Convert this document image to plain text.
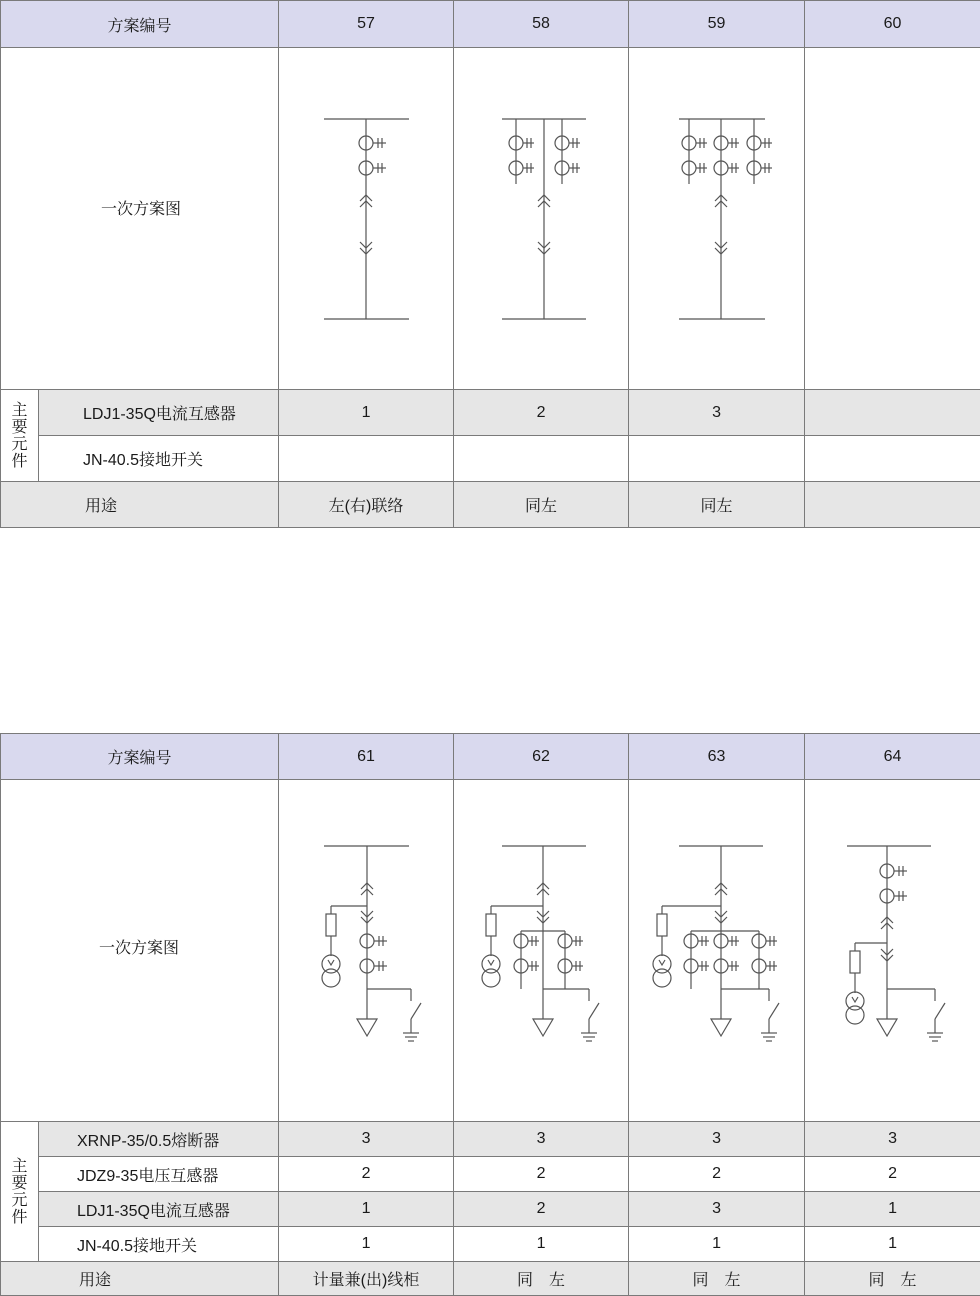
方案编号		57	58	59	60
一次方案图	

主
要
元
件	LDJ1-35Q电流互感器	1	2	3	
	JN-40.5接地开关				
用途		左(右)联络	同左	同左	
方案编号		61	62	63	64
一次方案图	

主
要
元
件	XRNP-35/0.5熔断器	3	3	3	3
	JDZ9-35电压互感器	2	2	2	2
	LDJ1-35Q电流互感器	1	2	3	1
	JN-40.5接地开关	1	1	1	1
用途		计量兼(出)线柜	同　左	同　左	同　左
